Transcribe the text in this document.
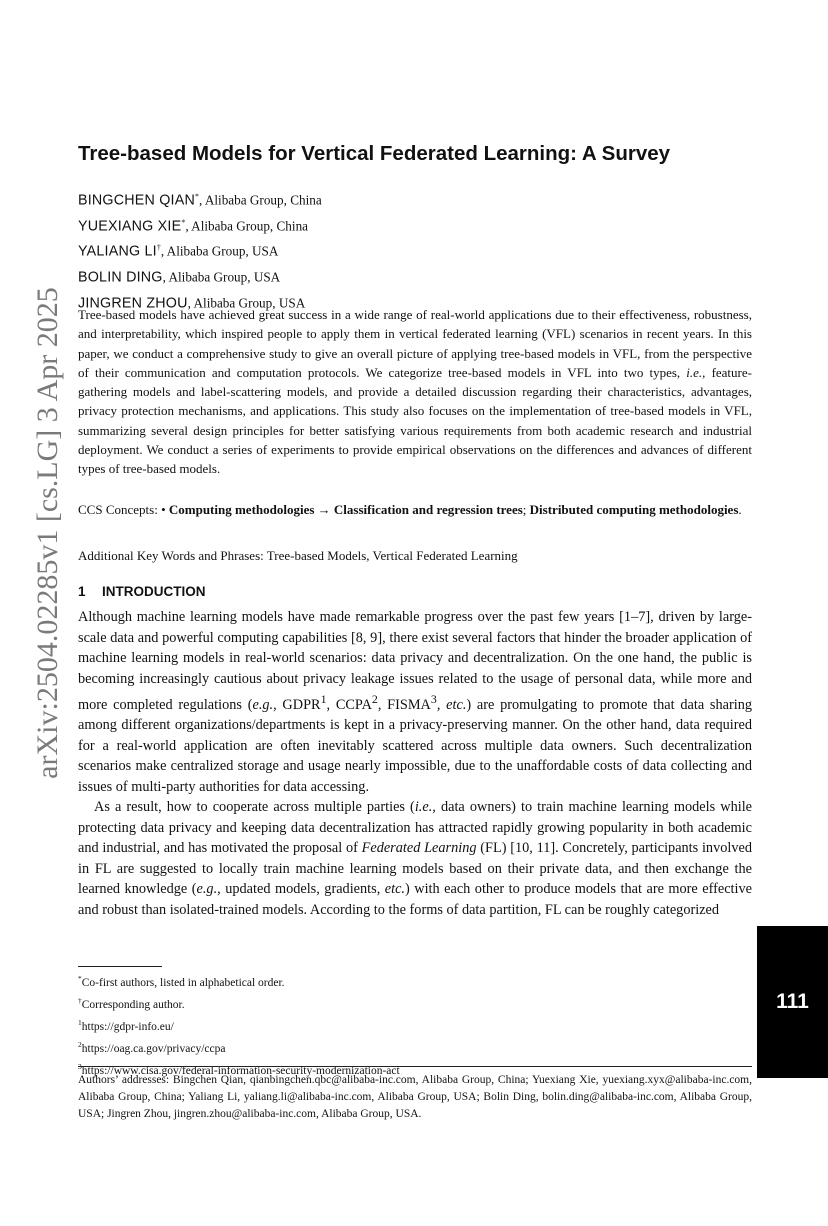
arXiv:2504.02285v1 [cs.LG] 3 Apr 2025
111
Tree-based Models for Vertical Federated Learning: A Survey
BINGCHEN QIAN*, Alibaba Group, China
YUEXIANG XIE*, Alibaba Group, China
YALIANG LI†, Alibaba Group, USA
BOLIN DING, Alibaba Group, USA
JINGREN ZHOU, Alibaba Group, USA

Tree-based models have achieved great success in a wide range of real-world applications due to their effectiveness, robustness, and interpretability, which inspired people to apply them in vertical federated learning (VFL) scenarios in recent years. In this paper, we conduct a comprehensive study to give an overall picture of applying tree-based models in VFL, from the perspective of their communication and computation protocols. We categorize tree-based models in VFL into two types, i.e., feature-gathering models and label-scattering models, and provide a detailed discussion regarding their characteristics, advantages, privacy protection mechanisms, and applications. This study also focuses on the implementation of tree-based models in VFL, summarizing several design principles for better satisfying various requirements from both academic research and industrial deployment. We conduct a series of experiments to provide empirical observations on the differences and advances of different types of tree-based models.

CCS Concepts: • Computing methodologies → Classification and regression trees; Distributed computing methodologies.

Additional Key Words and Phrases: Tree-based Models, Vertical Federated Learning

1 INTRODUCTION

Although machine learning models have made remarkable progress over the past few years [1–7], driven by large-scale data and powerful computing capabilities [8, 9], there exist several factors that hinder the broader application of machine learning models in real-world scenarios: data privacy and decentralization. On the one hand, the public is becoming increasingly cautious about privacy leakage issues related to the usage of personal data, while more and more completed regulations (e.g., GDPR$^1$, CCPA$^2$, FISMA$^3$, etc.) are promulgating to promote that data sharing among different organizations/departments is kept in a privacy-preserving manner. On the other hand, data required for a real-world application are often inevitably scattered across multiple data owners. Such decentralization scenarios make centralized storage and usage nearly impossible, due to the unaffordable costs of data collecting and issues of multi-party authorities for data accessing.

As a result, how to cooperate across multiple parties (i.e., data owners) to train machine learning models while protecting data privacy and keeping data decentralization has attracted rapidly growing popularity in both academic and industrial, and has motivated the proposal of Federated Learning (FL) [10, 11]. Concretely, participants involved in FL are suggested to locally train machine learning models based on their private data, and then exchange the learned knowledge (e.g., updated models, gradients, etc.) with each other to produce models that are more effective and robust than isolated-trained models. According to the forms of data partition, FL can be roughly categorized

*Co-first authors, listed in alphabetical order.
†Corresponding author.
$^1$https://gdpr-info.eu/
$^2$https://oag.ca.gov/privacy/ccpa
$^3$https://www.cisa.gov/federal-information-security-modernization-act

Authors’ addresses: Bingchen Qian, qianbingchen.qbc@alibaba-inc.com, Alibaba Group, China; Yuexiang Xie, yuexiang.xyx@alibaba-inc.com, Alibaba Group, China; Yaliang Li, yaliang.li@alibaba-inc.com, Alibaba Group, USA; Bolin Ding, bolin.ding@alibaba-inc.com, Alibaba Group, USA; Jingren Zhou, jingren.zhou@alibaba-inc.com, Alibaba Group, USA.
